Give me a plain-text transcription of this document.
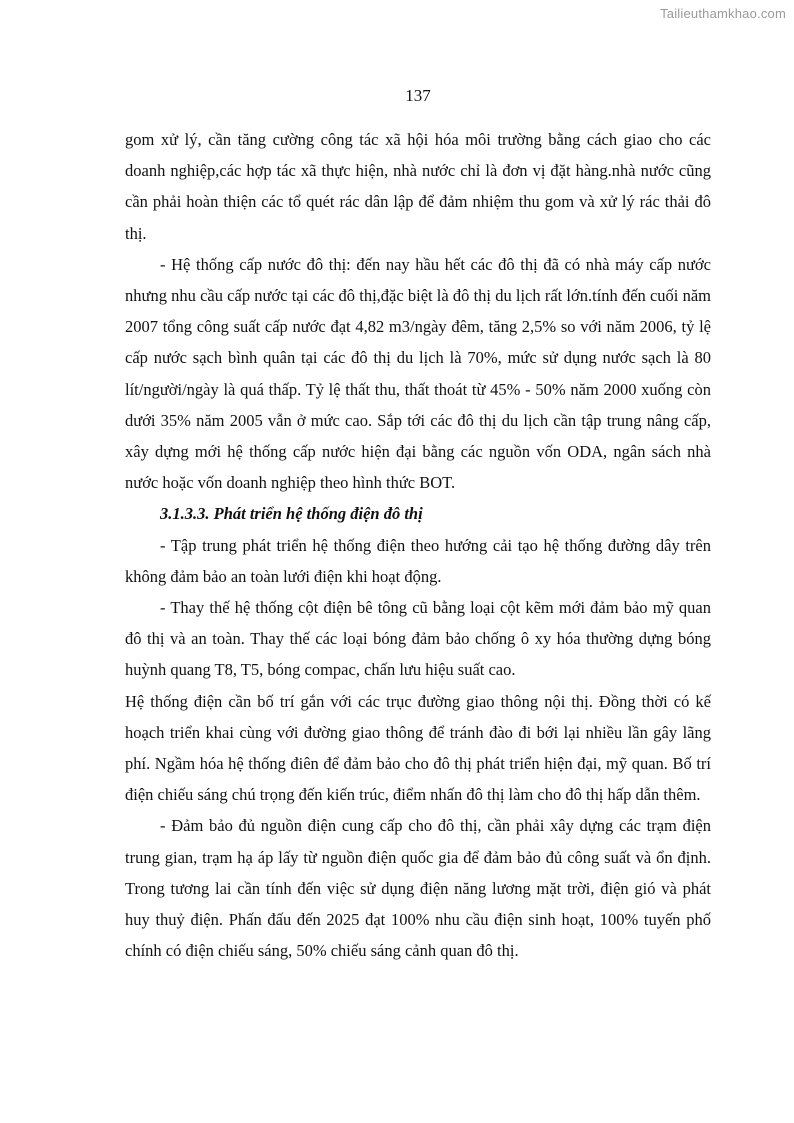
Tailieuthamkhao.com
137

gom xử lý, cần tăng cường công tác xã hội hóa môi trường bằng cách giao cho các doanh nghiệp,các hợp tác xã thực hiện, nhà nước chỉ là đơn vị đặt hàng.nhà nước cũng cần phải hoàn thiện các tổ quét rác dân lập để đảm nhiệm thu gom và xử lý rác thải đô thị.

- Hệ thống cấp nước đô thị: đến nay hầu hết các đô thị đã có nhà máy cấp nước nhưng nhu cầu cấp nước tại các đô thị,đặc biệt là đô thị du lịch rất lớn.tính đến cuối năm 2007 tổng công suất cấp nước đạt 4,82 m3/ngày đêm, tăng 2,5% so với năm 2006, tỷ lệ cấp nước sạch bình quân tại các đô thị du lịch là 70%, mức sử dụng nước sạch là 80 lít/người/ngày là quá thấp. Tỷ lệ thất thu, thất thoát từ 45% - 50% năm 2000 xuống còn dưới 35% năm 2005 vẫn ở mức cao. Sắp tới các đô thị du lịch cần tập trung nâng cấp, xây dựng mới hệ thống cấp nước hiện đại bằng các nguồn vốn ODA, ngân sách nhà nước hoặc vốn doanh nghiệp theo hình thức BOT.

3.1.3.3. Phát triển hệ thống điện đô thị

- Tập trung phát triển hệ thống điện theo hướng cải tạo hệ thống đường dây trên không đảm bảo an toàn lưới điện khi hoạt động.

- Thay thế hệ thống cột điện bê tông cũ bằng loại cột kẽm mới đảm bảo mỹ quan đô thị và an toàn. Thay thế các loại bóng đảm bảo chống ô xy hóa thường dựng bóng huỳnh quang T8, T5, bóng compac, chấn lưu hiệu suất cao.

Hệ thống điện cần bố trí gắn với các trục đường giao thông nội thị. Đồng thời có kế hoạch triển khai cùng với đường giao thông để tránh đào đi bới lại nhiều lần gây lãng phí. Ngầm hóa hệ thống điên để đảm bảo cho đô thị phát triển hiện đại, mỹ quan. Bố trí điện chiếu sáng chú trọng đến kiến trúc, điểm nhấn đô thị làm cho đô thị hấp dẫn thêm.

- Đảm bảo đủ nguồn điện cung cấp cho đô thị, cần phải xây dựng các trạm điện trung gian, trạm hạ áp lấy từ nguồn điện quốc gia để đảm bảo đủ công suất và ổn định. Trong tương lai cần tính đến việc sử dụng điện năng lương mặt trời, điện gió và phát huy thuỷ điện. Phấn đấu đến 2025 đạt 100% nhu cầu điện sinh hoạt, 100% tuyến phố chính có điện chiếu sáng, 50% chiếu sáng cảnh quan đô thị.
